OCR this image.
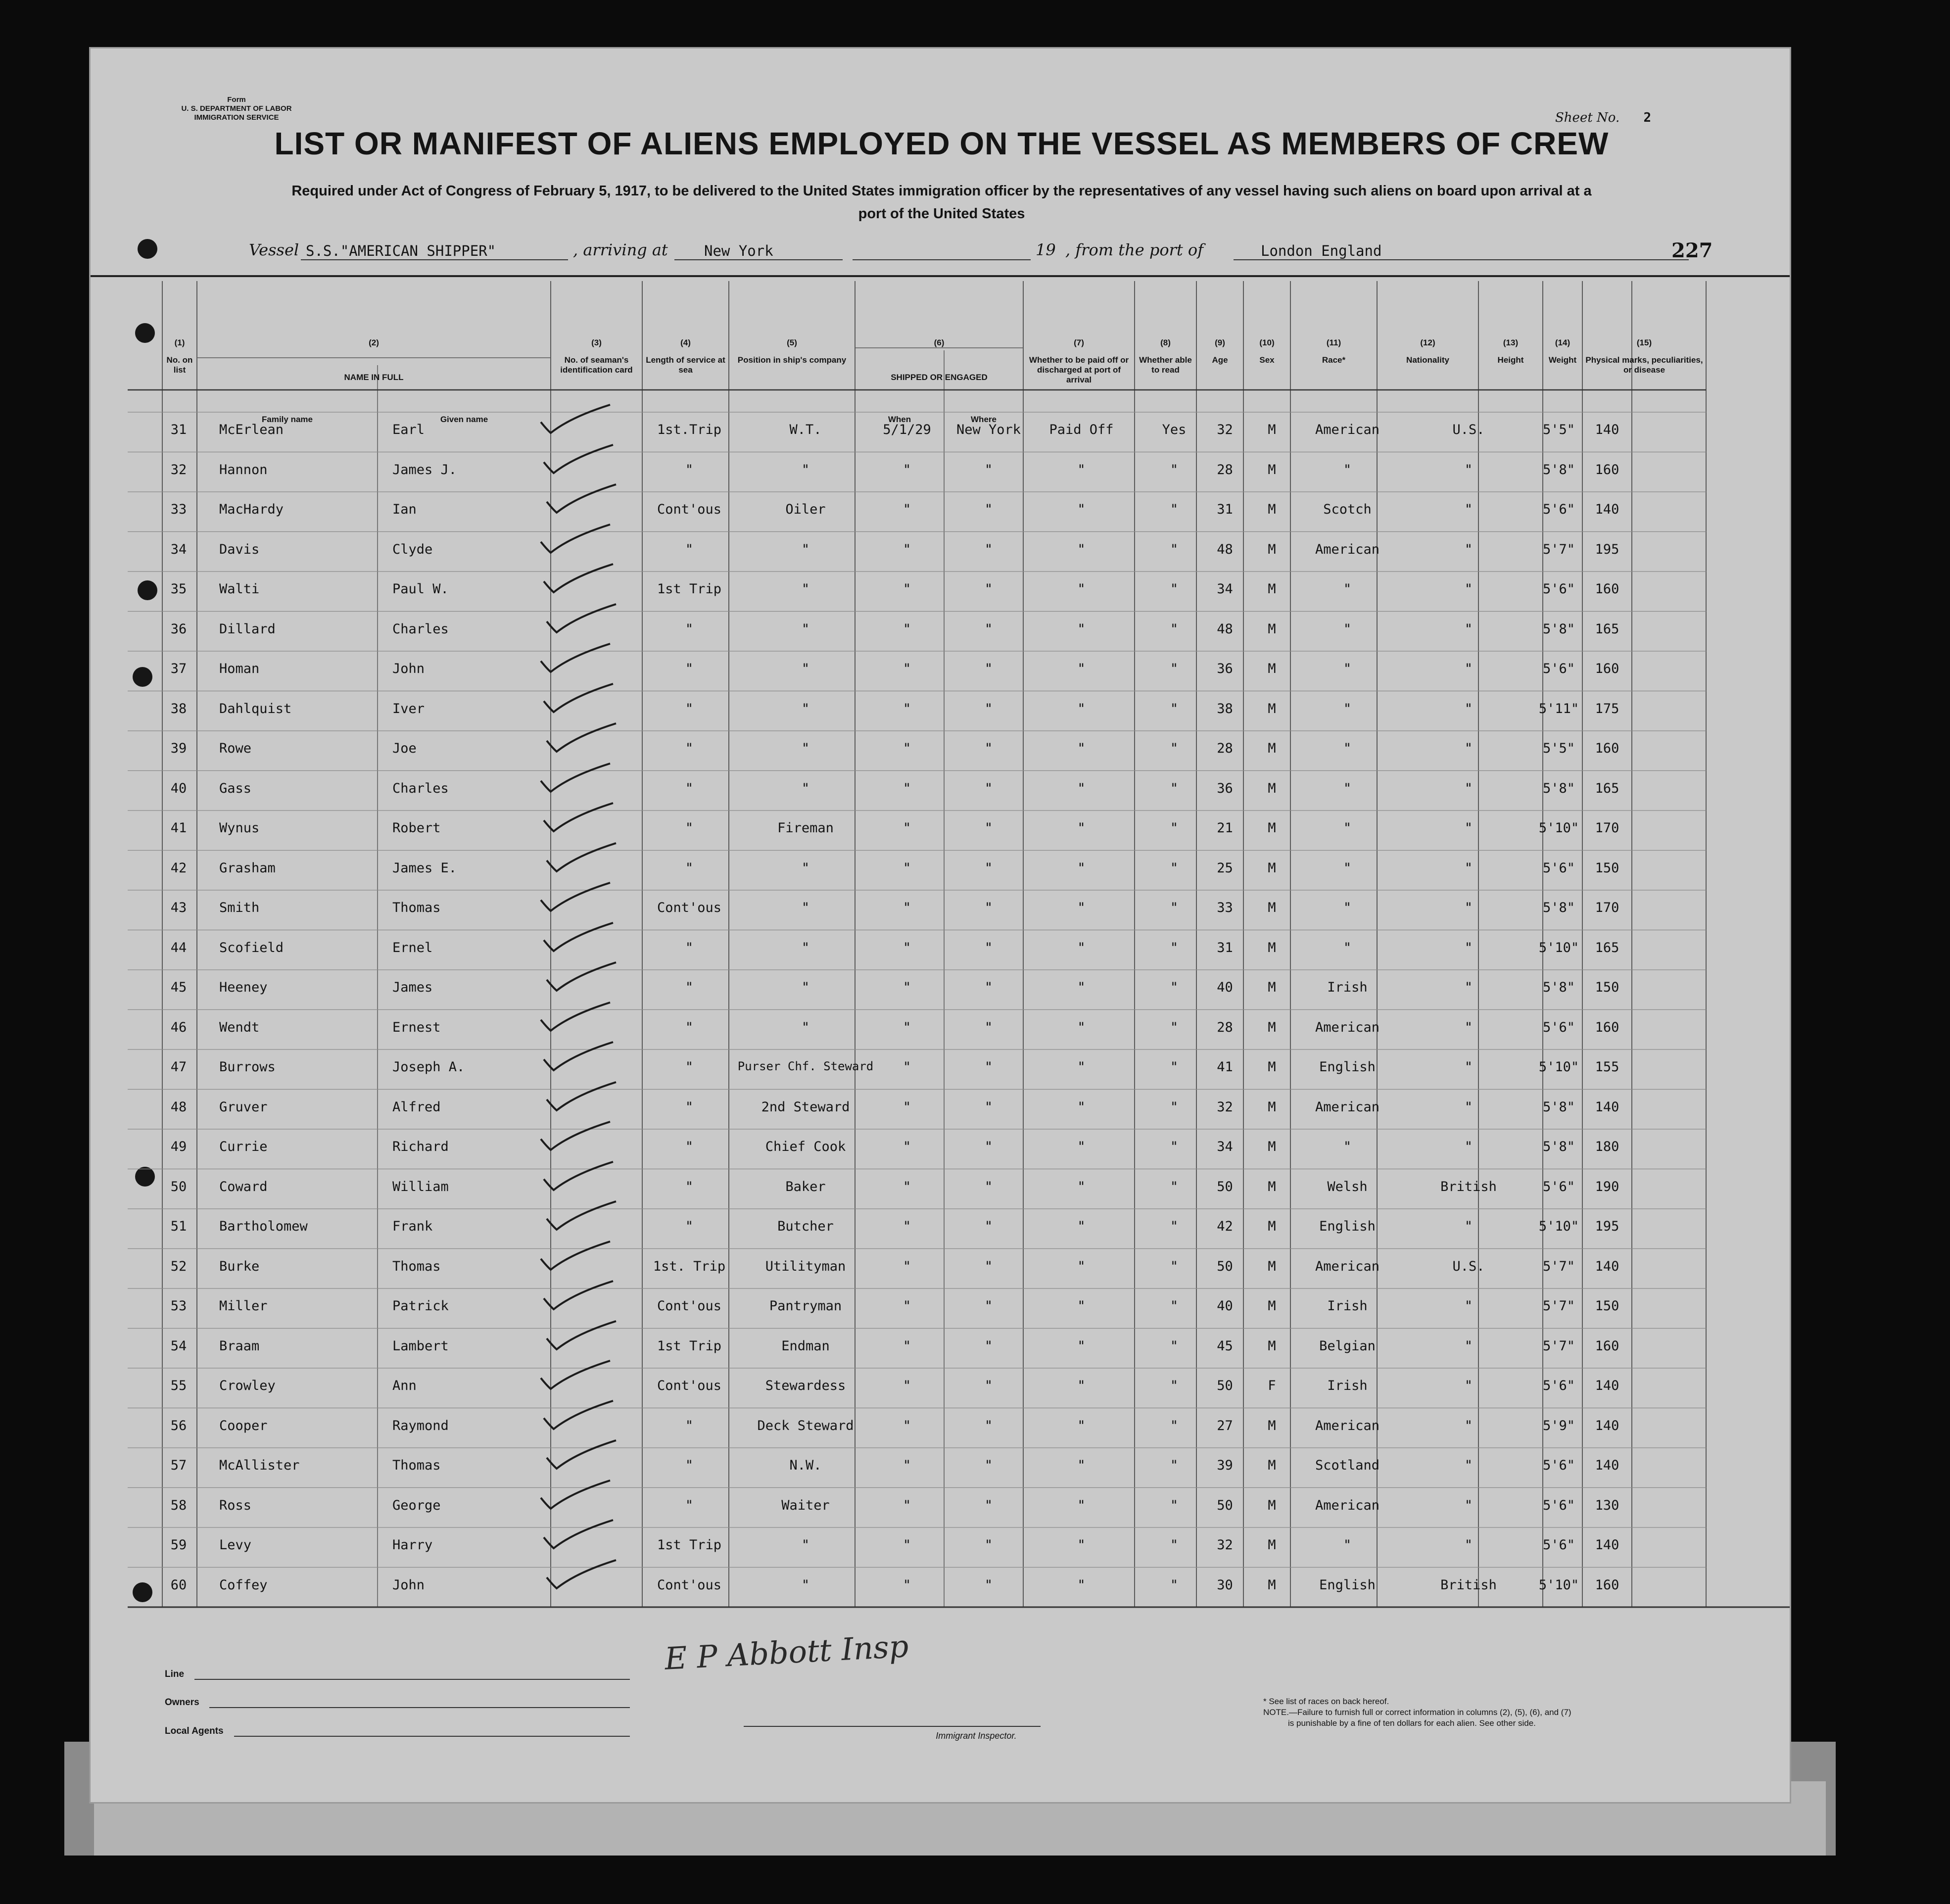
Form
U. S. DEPARTMENT OF LABOR
IMMIGRATION SERVICE	Sheet No. 2
LIST OR MANIFEST OF ALIENS EMPLOYED ON THE VESSEL AS MEMBERS OF CREW
Required under Act of Congress of February 5, 1917, to be delivered to the United States immigration officer by the representatives of any vessel having such aliens on board upon arrival at a
port of the United States
Vessel S.S."AMERICAN SHIPPER"	, arriving at	New York	19 , from the port of	London England	227
(1)
No. on list
(2)
NAME IN FULL
(3)
No. of seaman's identification card
(4)
Length of service at sea
(5)
Position in ship's company
(6)
SHIPPED OR ENGAGED
(7)
Whether to be paid off or discharged at port of arrival
(8)
Whether able to read
(9)
Age
(10)
Sex
(11)
Race*
(12)
Nationality
(13)
Height
(14)
Weight
(15)
Physical marks, peculiarities, or disease
Family name	Given name	When	Where
31	McErlean	Earl	1st.Trip	W.T.	5/1/29	New York	Paid Off	Yes	32	M	American	U.S.	5'5"	140
32	Hannon	James J.	"	"	"	"	"	"	28	M	"	"	5'8"	160
33	MacHardy	Ian	Cont'ous	Oiler	"	"	"	"	31	M	Scotch	"	5'6"	140
34	Davis	Clyde	"	"	"	"	"	"	48	M	American	"	5'7"	195
35	Walti	Paul W.	1st Trip	"	"	"	"	"	34	M	"	"	5'6"	160
36	Dillard	Charles	"	"	"	"	"	"	48	M	"	"	5'8"	165
37	Homan	John	"	"	"	"	"	"	36	M	"	"	5'6"	160
38	Dahlquist	Iver	"	"	"	"	"	"	38	M	"	"	5'11"	175
39	Rowe	Joe	"	"	"	"	"	"	28	M	"	"	5'5"	160
40	Gass	Charles	"	"	"	"	"	"	36	M	"	"	5'8"	165
41	Wynus	Robert	"	Fireman	"	"	"	"	21	M	"	"	5'10"	170
42	Grasham	James E.	"	"	"	"	"	"	25	M	"	"	5'6"	150
43	Smith	Thomas	Cont'ous	"	"	"	"	"	33	M	"	"	5'8"	170
44	Scofield	Ernel	"	"	"	"	"	"	31	M	"	"	5'10"	165
45	Heeney	James	"	"	"	"	"	"	40	M	Irish	"	5'8"	150
46	Wendt	Ernest	"	"	"	"	"	"	28	M	American	"	5'6"	160
47	Burrows	Joseph A.	"	Purser Chf. Steward	"	"	"	"	41	M	English	"	5'10"	155
48	Gruver	Alfred	"	2nd Steward	"	"	"	"	32	M	American	"	5'8"	140
49	Currie	Richard	"	Chief Cook	"	"	"	"	34	M	"	"	5'8"	180
50	Coward	William	"	Baker	"	"	"	"	50	M	Welsh	British	5'6"	190
51	Bartholomew	Frank	"	Butcher	"	"	"	"	42	M	English	"	5'10"	195
52	Burke	Thomas	1st. Trip	Utilityman	"	"	"	"	50	M	American	U.S.	5'7"	140
53	Miller	Patrick	Cont'ous	Pantryman	"	"	"	"	40	M	Irish	"	5'7"	150
54	Braam	Lambert	1st Trip	Endman	"	"	"	"	45	M	Belgian	"	5'7"	160
55	Crowley	Ann	Cont'ous	Stewardess	"	"	"	"	50	F	Irish	"	5'6"	140
56	Cooper	Raymond	"	Deck Steward	"	"	"	"	27	M	American	"	5'9"	140
57	McAllister	Thomas	"	N.W.	"	"	"	"	39	M	Scotland	"	5'6"	140
58	Ross	George	"	Waiter	"	"	"	"	50	M	American	"	5'6"	130
59	Levy	Harry	1st Trip	"	"	"	"	"	32	M	"	"	5'6"	140
60	Coffey	John	Cont'ous	"	"	"	"	"	30	M	English	British	5'10"	160
E P Abbott Insp
Line
Owners
Local Agents	Immigrant Inspector.
* See list of races on back hereof.
NOTE.—Failure to furnish full or correct information in columns (2), (5), (6), and (7)
is punishable by a fine of ten dollars for each alien. See other side.
